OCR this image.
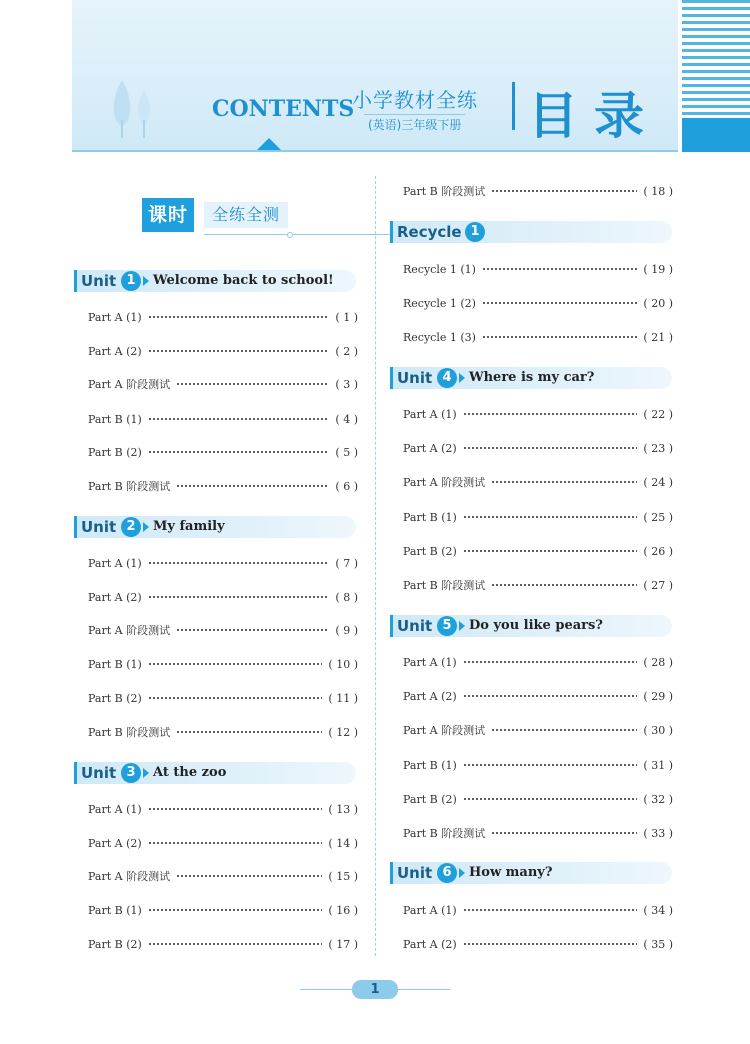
CONTENTS
小学教材全练
(英语)三年级下册 目录
全练全测
课时
Unit 1	Welcome back to school!
Part A (1)	( 1 )
Part A (2)	( 2 )
Part A 阶段测试	( 3 )
Part B (1)	( 4 )
Part B (2)	( 5 )
Part B 阶段测试	( 6 )
Unit 2	My family
Part A (1)	( 7 )
Part A (2)	( 8 )
Part A 阶段测试	( 9 )
Part B (1)	( 10 )
Part B (2)	( 11 )
Part B 阶段测试	( 12 )
Unit 3	At the zoo
Part A (1)	( 13 )
Part A (2)	( 14 )
Part A 阶段测试	( 15 )
Part B (1)	( 16 )
Part B (2)	( 17 )
Part B 阶段测试	( 18 )
Recycle 1
Recycle 1 (1)	( 19 )
Recycle 1 (2)	( 20 )
Recycle 1 (3)	( 21 )
Unit 4	Where is my car?
Part A (1)	( 22 )
Part A (2)	( 23 )
Part A 阶段测试	( 24 )
Part B (1)	( 25 )
Part B (2)	( 26 )
Part B 阶段测试	( 27 )
Unit 5	Do you like pears?
Part A (1)	( 28 )
Part A (2)	( 29 )
Part A 阶段测试	( 30 )
Part B (1)	( 31 )
Part B (2)	( 32 )
Part B 阶段测试	( 33 )
Unit 6	How many?
Part A (1)	( 34 )
Part A (2)	( 35 )
1
